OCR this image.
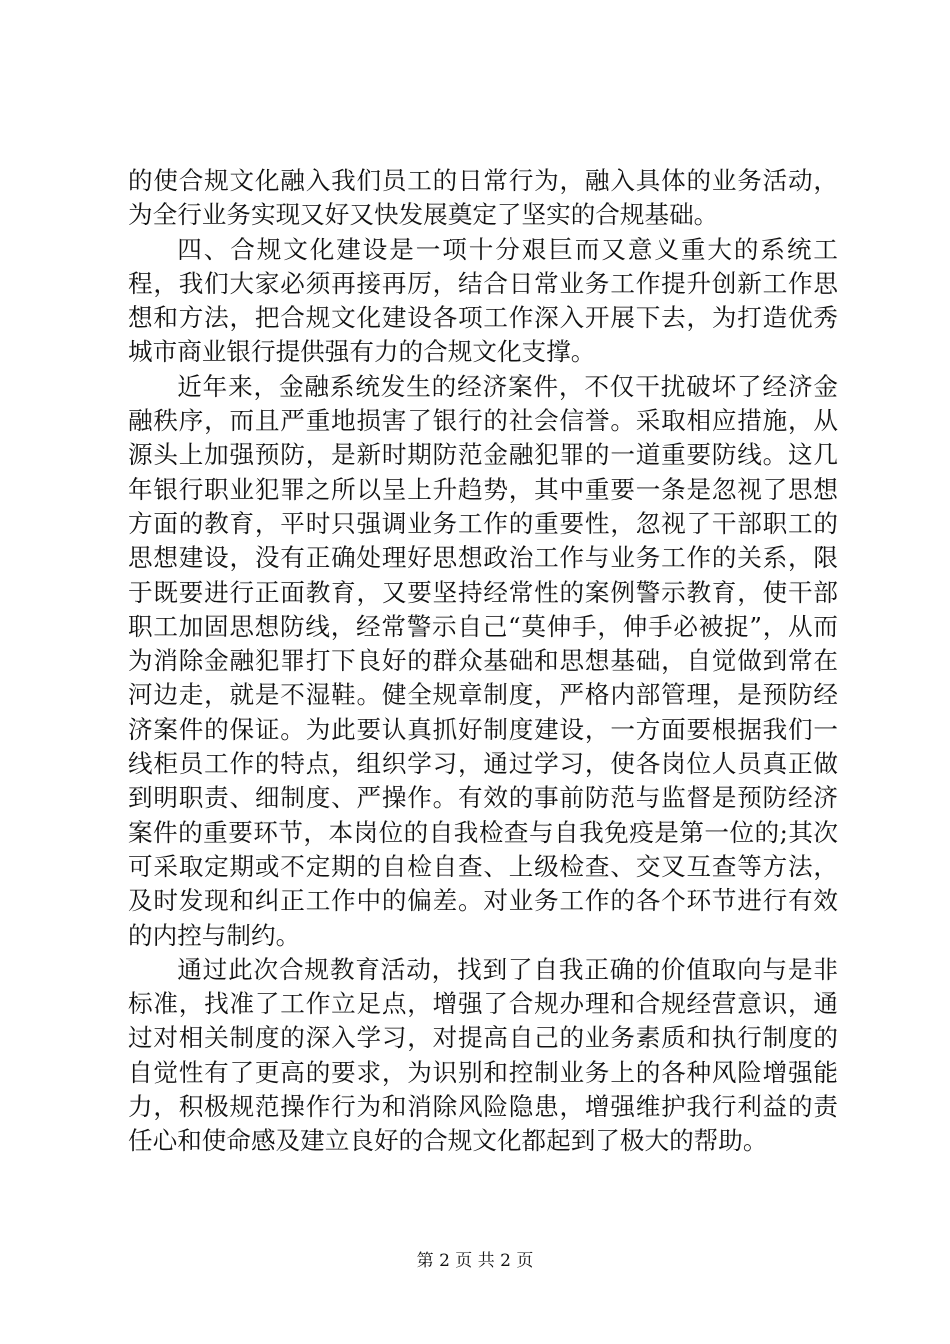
的使合规文化融入我们员工的日常行为，融入具体的业务活动，为全行业务实现又好又快发展奠定了坚实的合规基础。

四、合规文化建设是一项十分艰巨而又意义重大的系统工程，我们大家必须再接再厉，结合日常业务工作提升创新工作思想和方法，把合规文化建设各项工作深入开展下去，为打造优秀城市商业银行提供强有力的合规文化支撑。

近年来，金融系统发生的经济案件，不仅干扰破坏了经济金融秩序，而且严重地损害了银行的社会信誉。采取相应措施，从源头上加强预防，是新时期防范金融犯罪的一道重要防线。这几年银行职业犯罪之所以呈上升趋势，其中重要一条是忽视了思想方面的教育，平时只强调业务工作的重要性，忽视了干部职工的思想建设，没有正确处理好思想政治工作与业务工作的关系，限于既要进行正面教育，又要坚持经常性的案例警示教育，使干部职工加固思想防线，经常警示自己“莫伸手，伸手必被捉”，从而为消除金融犯罪打下良好的群众基础和思想基础，自觉做到常在河边走，就是不湿鞋。健全规章制度，严格内部管理，是预防经济案件的保证。为此要认真抓好制度建设，一方面要根据我们一线柜员工作的特点，组织学习，通过学习，使各岗位人员真正做到明职责、细制度、严操作。有效的事前防范与监督是预防经济案件的重要环节，本岗位的自我检查与自我免疫是第一位的;其次可采取定期或不定期的自检自查、上级检查、交叉互查等方法，及时发现和纠正工作中的偏差。对业务工作的各个环节进行有效的内控与制约。

通过此次合规教育活动，找到了自我正确的价值取向与是非标准，找准了工作立足点，增强了合规办理和合规经营意识，通过对相关制度的深入学习，对提高自己的业务素质和执行制度的自觉性有了更高的要求，为识别和控制业务上的各种风险增强能力，积极规范操作行为和消除风险隐患，增强维护我行利益的责任心和使命感及建立良好的合规文化都起到了极大的帮助。

第 2 页 共 2 页
